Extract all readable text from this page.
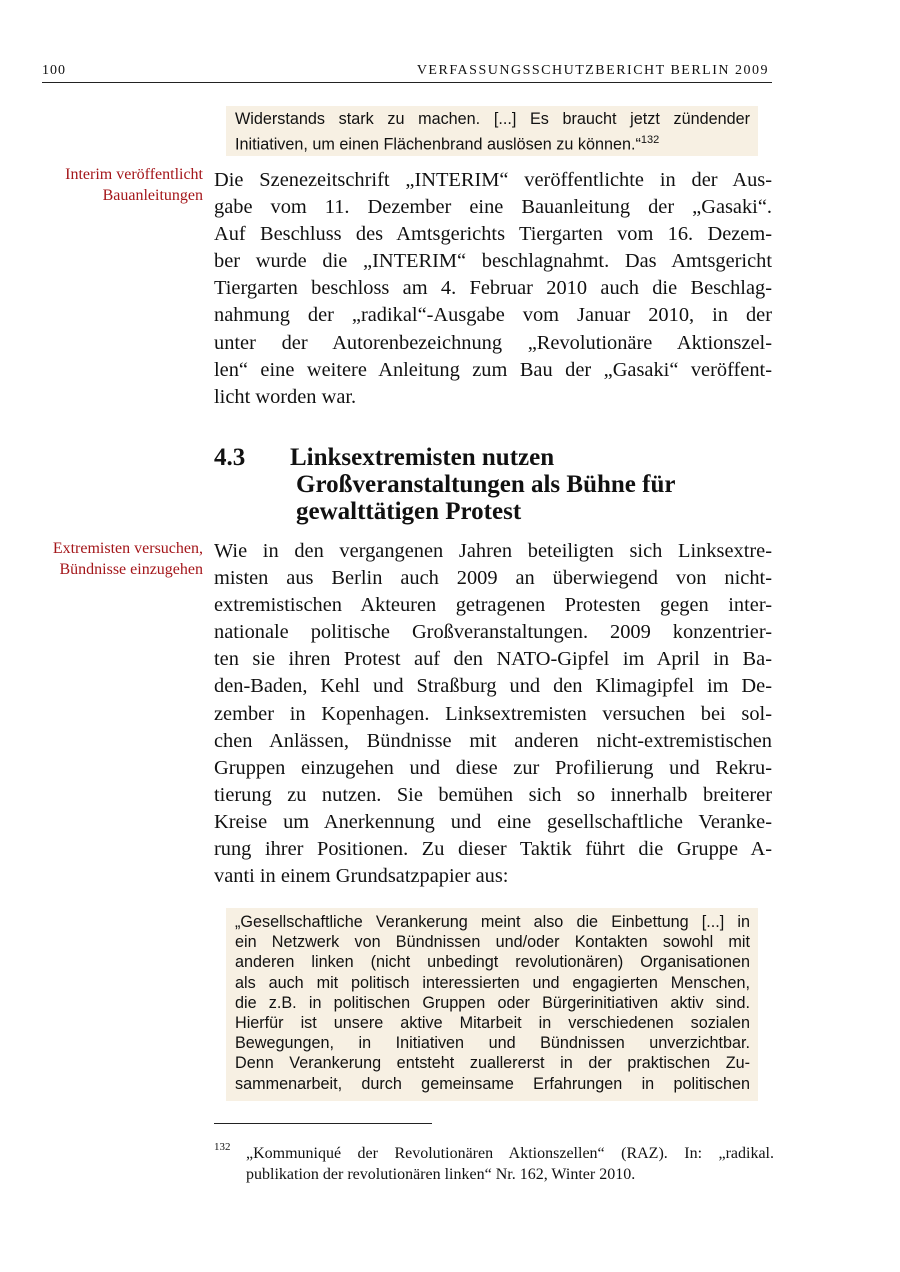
100	VERFASSUNGSSCHUTZBERICHT BERLIN 2009
Widerstands stark zu machen. [...] Es braucht jetzt zündender
Initiativen, um einen Flächenbrand auslösen zu können.“$^{132}$
Interim veröffentlicht
Bauanleitungen
Die Szenezeitschrift „INTERIM“ veröffentlichte in der Aus-
gabe vom 11. Dezember eine Bauanleitung der „Gasaki“.
Auf Beschluss des Amtsgerichts Tiergarten vom 16. Dezem-
ber wurde die „INTERIM“ beschlagnahmt. Das Amtsgericht
Tiergarten beschloss am 4. Februar 2010 auch die Beschlag-
nahmung der „radikal“-Ausgabe vom Januar 2010, in der
unter der Autorenbezeichnung „Revolutionäre Aktionszel-
len“ eine weitere Anleitung zum Bau der „Gasaki“ veröffent-
licht worden war.
4.3 Linksextremisten nutzen
Großveranstaltungen als Bühne für
gewalttätigen Protest
Extremisten versuchen,
Bündnisse einzugehen
Wie in den vergangenen Jahren beteiligten sich Linksextre-
misten aus Berlin auch 2009 an überwiegend von nicht-
extremistischen Akteuren getragenen Protesten gegen inter-
nationale politische Großveranstaltungen. 2009 konzentrier-
ten sie ihren Protest auf den NATO-Gipfel im April in Ba-
den-Baden, Kehl und Straßburg und den Klimagipfel im De-
zember in Kopenhagen. Linksextremisten versuchen bei sol-
chen Anlässen, Bündnisse mit anderen nicht-extremistischen
Gruppen einzugehen und diese zur Profilierung und Rekru-
tierung zu nutzen. Sie bemühen sich so innerhalb breiterer
Kreise um Anerkennung und eine gesellschaftliche Veranke-
rung ihrer Positionen. Zu dieser Taktik führt die Gruppe A-
vanti in einem Grundsatzpapier aus:

„Gesellschaftliche Verankerung meint also die Einbettung [...] in

ein Netzwerk von Bündnissen und/oder Kontakten sowohl mit

anderen linken (nicht unbedingt revolutionären) Organisationen

als auch mit politisch interessierten und engagierten Menschen,

die z.B. in politischen Gruppen oder Bürgerinitiativen aktiv sind.

Hierfür ist unsere aktive Mitarbeit in verschiedenen sozialen

Bewegungen, in Initiativen und Bündnissen unverzichtbar.

Denn Verankerung entsteht zuallererst in der praktischen Zu-

sammenarbeit, durch gemeinsame Erfahrungen in politischen

132 „Kommuniqué der Revolutionären Aktionszellen“ (RAZ). In: „radikal.
publikation der revolutionären linken“ Nr. 162, Winter 2010.
